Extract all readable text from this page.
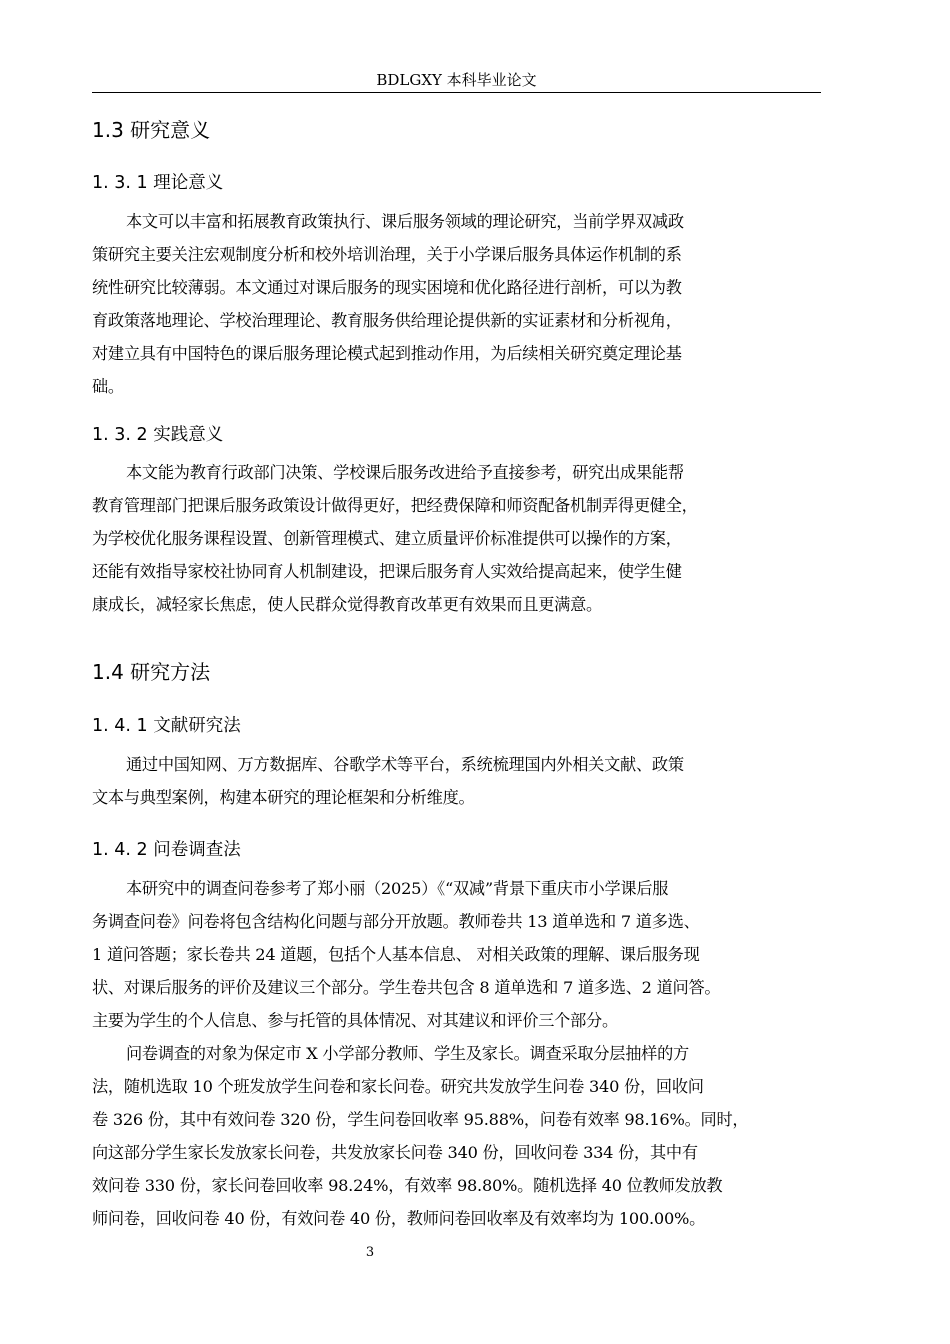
BDLGXY 本科毕业论文
1.3 研究意义
1. 3. 1 理论意义
本文可以丰富和拓展教育政策执行、课后服务领域的理论研究，当前学界双减政
策研究主要关注宏观制度分析和校外培训治理，关于小学课后服务具体运作机制的系
统性研究比较薄弱。本文通过对课后服务的现实困境和优化路径进行剖析，可以为教
育政策落地理论、学校治理理论、教育服务供给理论提供新的实证素材和分析视角，
对建立具有中国特色的课后服务理论模式起到推动作用，为后续相关研究奠定理论基
础。
1. 3. 2 实践意义
本文能为教育行政部门决策、学校课后服务改进给予直接参考，研究出成果能帮
教育管理部门把课后服务政策设计做得更好，把经费保障和师资配备机制弄得更健全，
为学校优化服务课程设置、创新管理模式、建立质量评价标准提供可以操作的方案，
还能有效指导家校社协同育人机制建设，把课后服务育人实效给提高起来，使学生健
康成长，减轻家长焦虑，使人民群众觉得教育改革更有效果而且更满意。
1.4 研究方法
1. 4. 1 文献研究法
通过中国知网、万方数据库、谷歌学术等平台，系统梳理国内外相关文献、政策
文本与典型案例，构建本研究的理论框架和分析维度。
1. 4. 2 问卷调查法
本研究中的调查问卷参考了郑小丽（2025）《“双减”背景下重庆市小学课后服
务调查问卷》问卷将包含结构化问题与部分开放题。教师卷共 13 道单选和 7 道多选、
1 道问答题；家长卷共 24 道题，包括个人基本信息、 对相关政策的理解、课后服务现
状、对课后服务的评价及建议三个部分。学生卷共包含 8 道单选和 7 道多选、2 道问答。
主要为学生的个人信息、参与托管的具体情况、对其建议和评价三个部分。
问卷调查的对象为保定市 X 小学部分教师、学生及家长。调查采取分层抽样的方
法，随机选取 10 个班发放学生问卷和家长问卷。研究共发放学生问卷 340 份，回收问
卷 326 份，其中有效问卷 320 份，学生问卷回收率 95.88%，问卷有效率 98.16%。同时，
向这部分学生家长发放家长问卷，共发放家长问卷 340 份，回收问卷 334 份，其中有
效问卷 330 份，家长问卷回收率 98.24%，有效率 98.80%。随机选择 40 位教师发放教
师问卷，回收问卷 40 份，有效问卷 40 份，教师问卷回收率及有效率均为 100.00%。
3
